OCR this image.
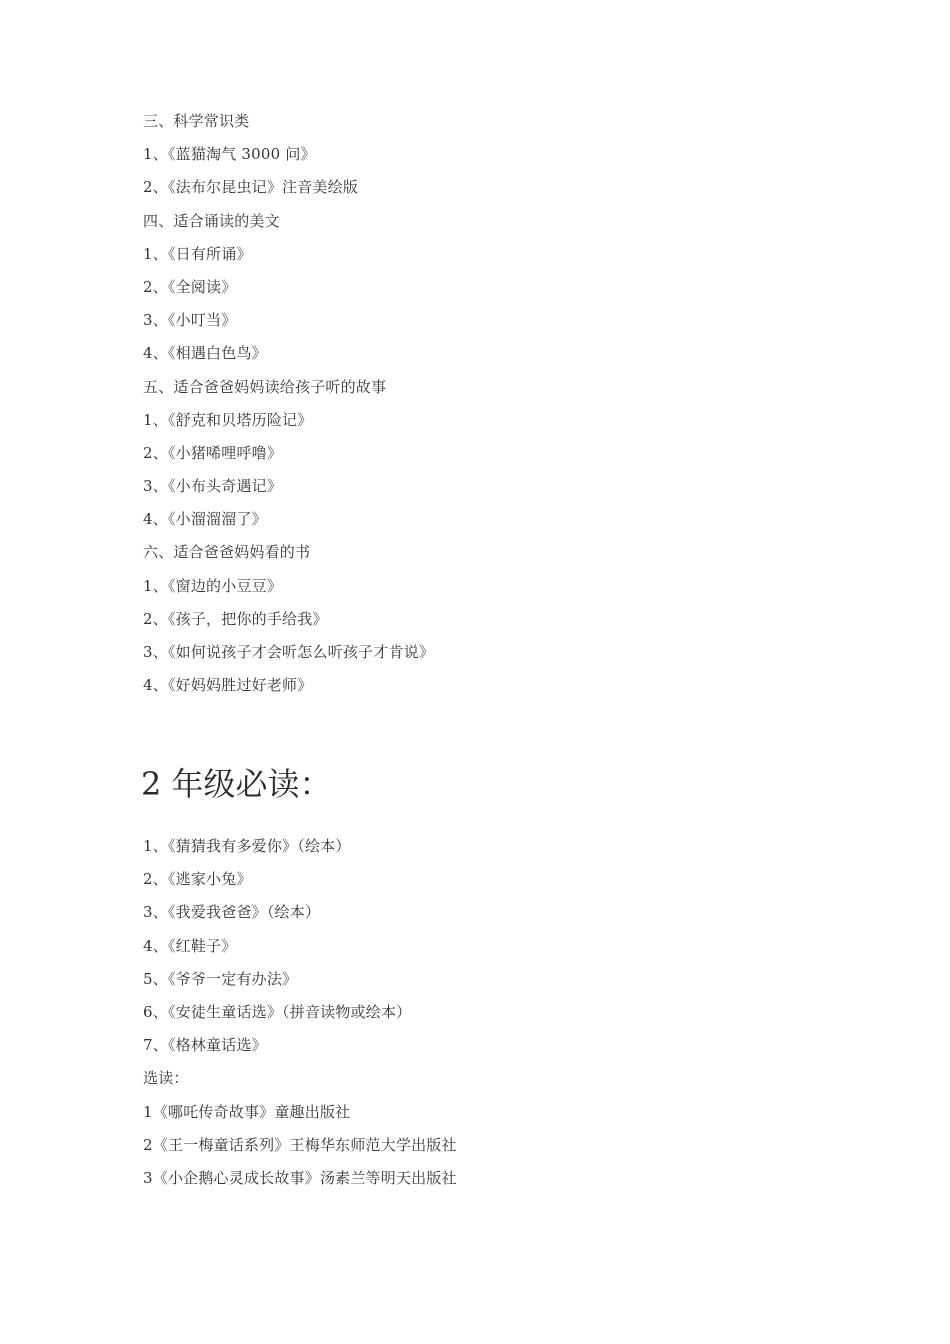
三、科学常识类
1、《蓝猫淘气 3000 问》
2、《法布尔昆虫记》注音美绘版
四、适合诵读的美文
1、《日有所诵》
2、《全阅读》
3、《小叮当》
4、《相遇白色鸟》
五、适合爸爸妈妈读给孩子听的故事
1、《舒克和贝塔历险记》
2、《小猪唏哩呼噜》
3、《小布头奇遇记》
4、《小溜溜溜了》
六、适合爸爸妈妈看的书
1、《窗边的小豆豆》
2、《孩子，把你的手给我》
3、《如何说孩子才会听怎么听孩子才肯说》
4、《好妈妈胜过好老师》
2 年级必读：
1、《猜猜我有多爱你》（绘本）
2、《逃家小兔》
3、《我爱我爸爸》（绘本）
4、《红鞋子》
5、《爷爷一定有办法》
6、《安徒生童话选》（拼音读物或绘本）
7、《格林童话选》
选读：
1《哪吒传奇故事》童趣出版社
2《王一梅童话系列》王梅华东师范大学出版社
3《小企鹅心灵成长故事》汤素兰等明天出版社
